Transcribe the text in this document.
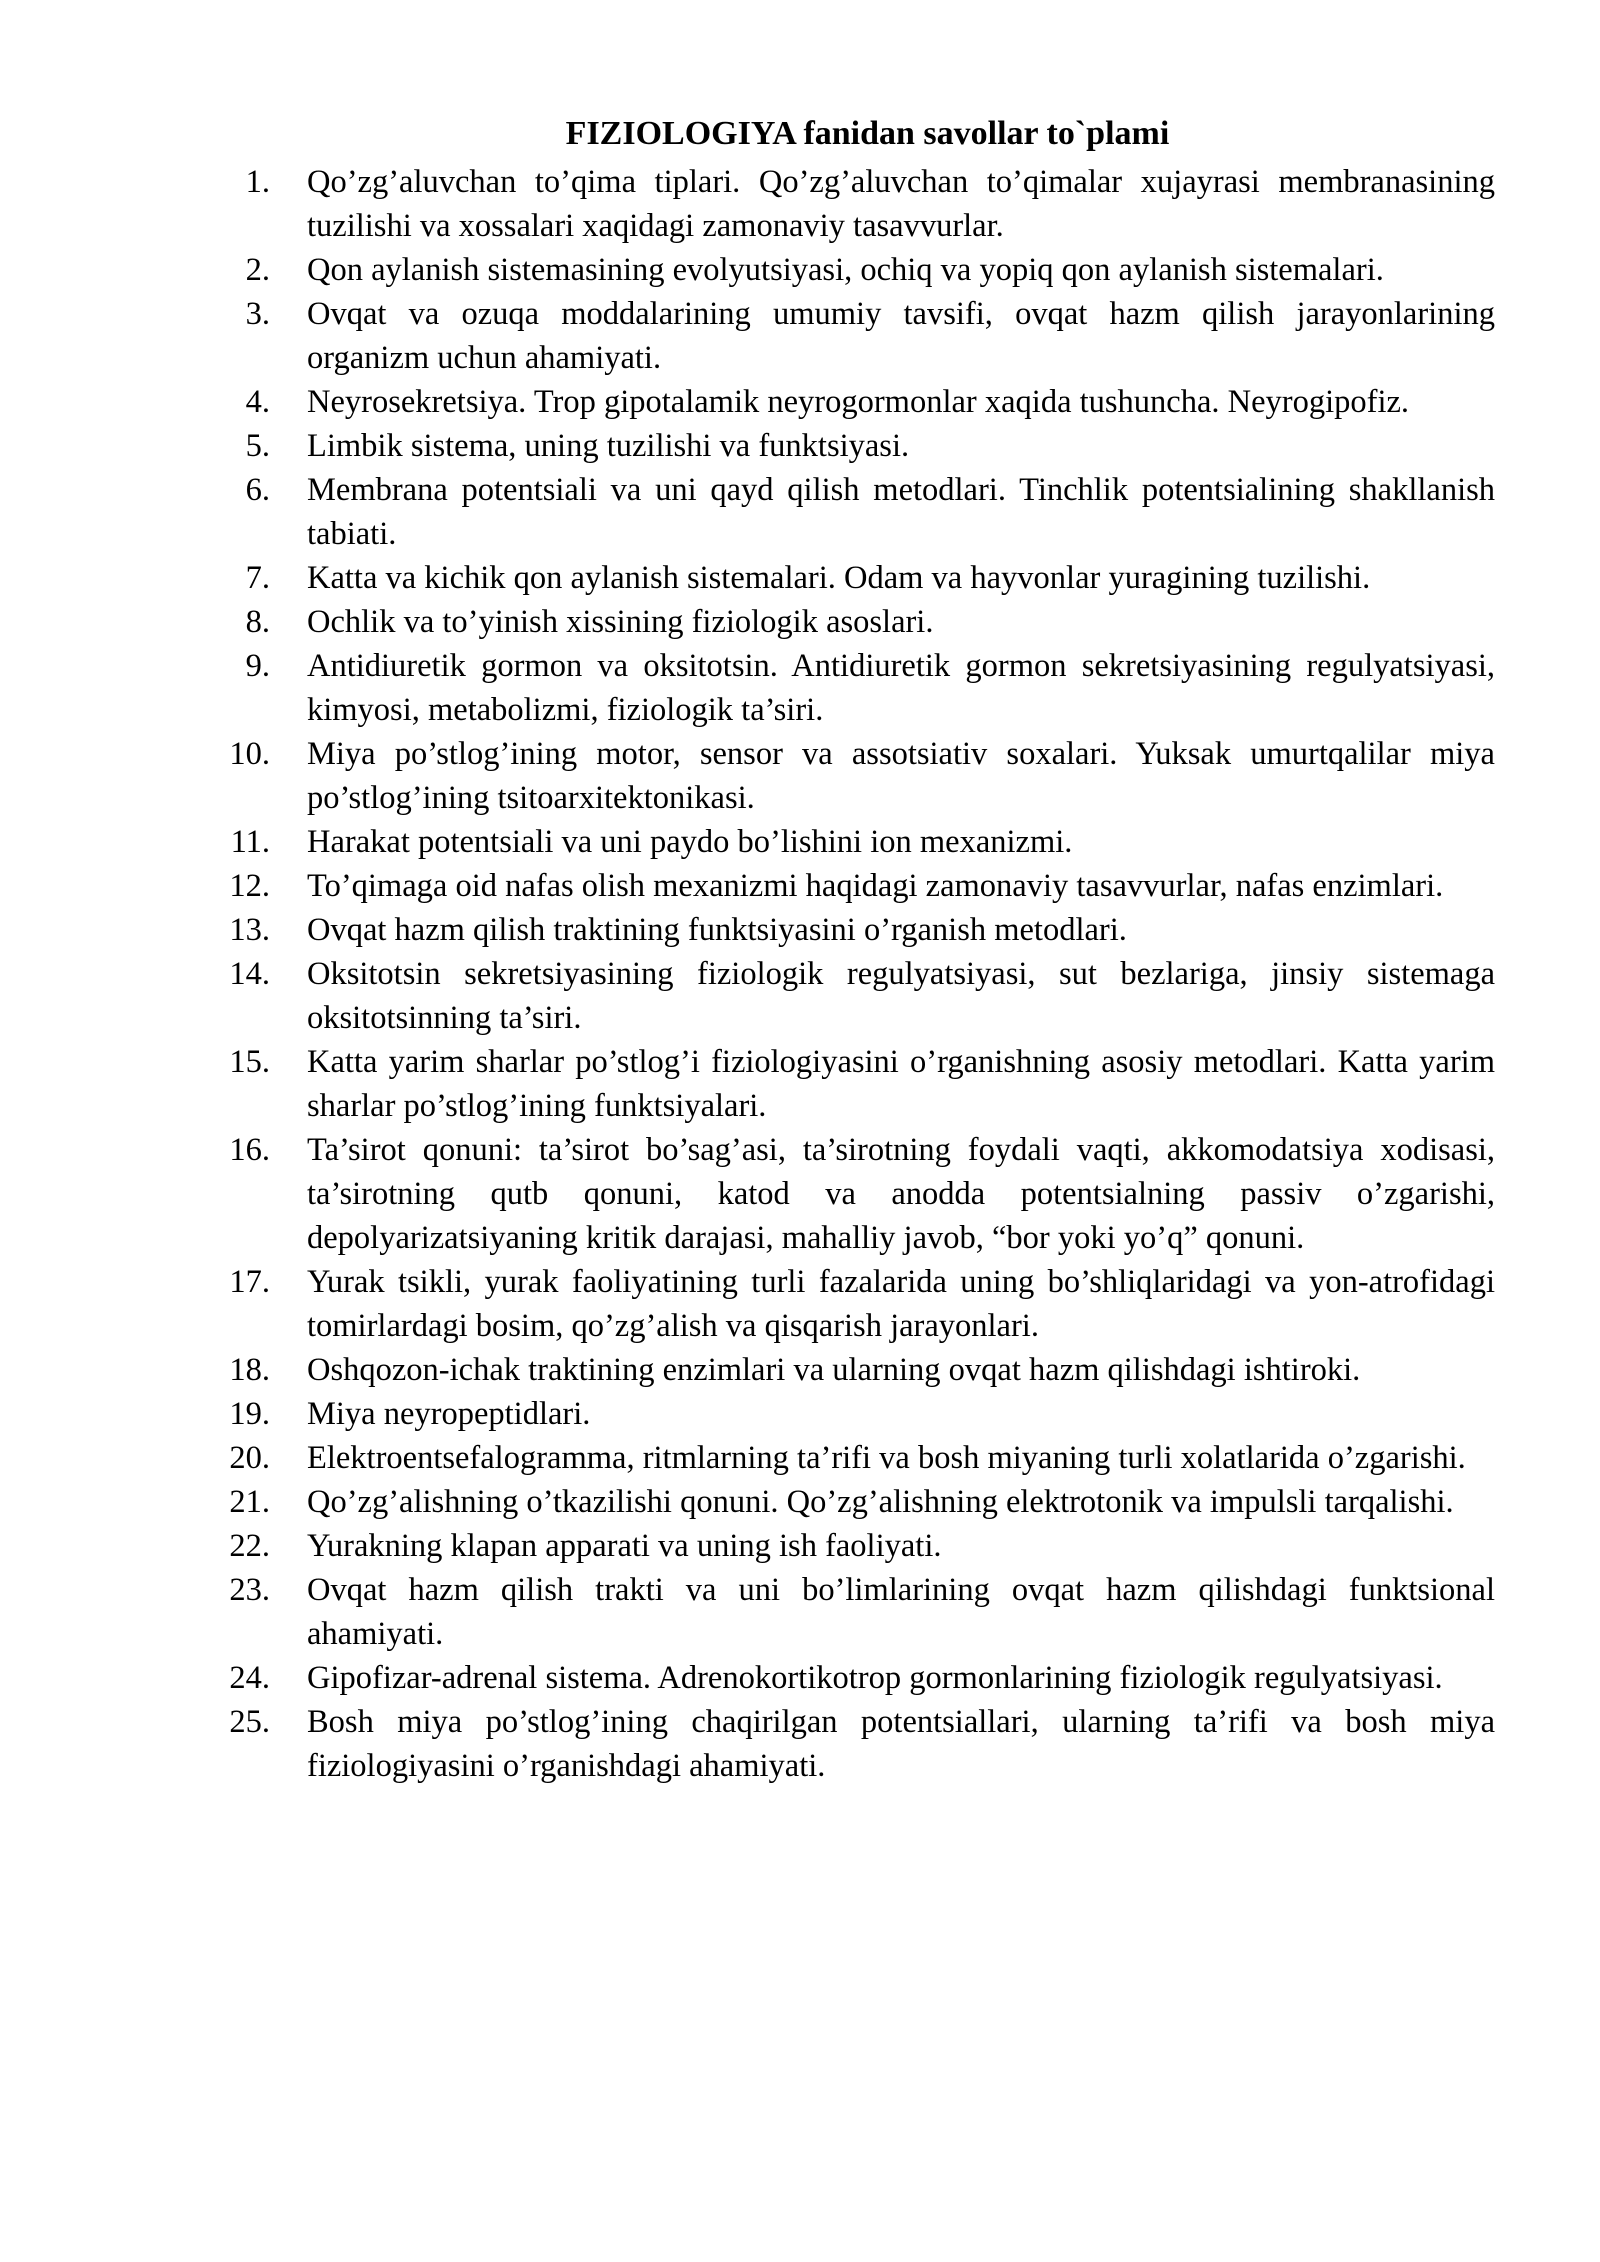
FIZIOLOGIYA fanidan savollar to`plami
1. Qo’zg’aluvchan to’qima tiplari. Qo’zg’aluvchan to’qimalar xujayrasi membranasining tuzilishi va xossalari xaqidagi zamonaviy tasavvurlar.
2. Qon aylanish sistemasining evolyutsiyasi, ochiq va yopiq qon aylanish sistemalari.
3. Ovqat va ozuqa moddalarining umumiy tavsifi, ovqat hazm qilish jarayonlarining organizm uchun ahamiyati.
4. Neyrosekretsiya. Trop gipotalamik neyrogormonlar xaqida tushuncha. Neyrogipofiz.
5. Limbik sistema, uning tuzilishi va funktsiyasi.
6. Membrana potentsiali va uni qayd qilish metodlari. Tinchlik potentsialining shakllanish tabiati.
7. Katta va kichik qon aylanish sistemalari. Odam va hayvonlar yuragining tuzilishi.
8. Ochlik va to’yinish xissining fiziologik asoslari.
9. Antidiuretik gormon va oksitotsin. Antidiuretik gormon sekretsiyasining regulyatsiyasi, kimyosi, metabolizmi, fiziologik ta’siri.
10. Miya po’stlog’ining motor, sensor va assotsiativ soxalari. Yuksak umurtqalilar miya po’stlog’ining tsitoarxitektonikasi.
11. Harakat potentsiali va uni paydo bo’lishini ion mexanizmi.
12. To’qimaga oid nafas olish mexanizmi haqidagi zamonaviy tasavvurlar, nafas enzimlari.
13. Ovqat hazm qilish traktining funktsiyasini o’rganish metodlari.
14. Oksitotsin sekretsiyasining fiziologik regulyatsiyasi, sut bezlariga, jinsiy sistemaga oksitotsinning ta’siri.
15. Katta yarim sharlar po’stlog’i fiziologiyasini o’rganishning asosiy metodlari. Katta yarim sharlar po’stlog’ining funktsiyalari.
16. Ta’sirot qonuni: ta’sirot bo’sag’asi, ta’sirotning foydali vaqti, akkomodatsiya xodisasi, ta’sirotning qutb qonuni, katod va anodda potentsialning passiv o’zgarishi, depolyarizatsiyaning kritik darajasi, mahalliy javob, “bor yoki yo’q” qonuni.
17. Yurak tsikli, yurak faoliyatining turli fazalarida uning bo’shliqlaridagi va yon-atrofidagi tomirlardagi bosim, qo’zg’alish va qisqarish jarayonlari.
18. Oshqozon-ichak traktining enzimlari va ularning ovqat hazm qilishdagi ishtiroki.
19. Miya neyropeptidlari.
20. Elektroentsefalogramma, ritmlarning ta’rifi va bosh miyaning turli xolatlarida o’zgarishi.
21. Qo’zg’alishning o’tkazilishi qonuni. Qo’zg’alishning elektrotonik va impulsli tarqalishi.
22. Yurakning klapan apparati va uning ish faoliyati.
23. Ovqat hazm qilish trakti va uni bo’limlarining ovqat hazm qilishdagi funktsional ahamiyati.
24. Gipofizar-adrenal sistema. Adrenokortikotrop gormonlarining fiziologik regulyatsiyasi.
25. Bosh miya po’stlog’ining chaqirilgan potentsiallari, ularning ta’rifi va bosh miya fiziologiyasini o’rganishdagi ahamiyati.
